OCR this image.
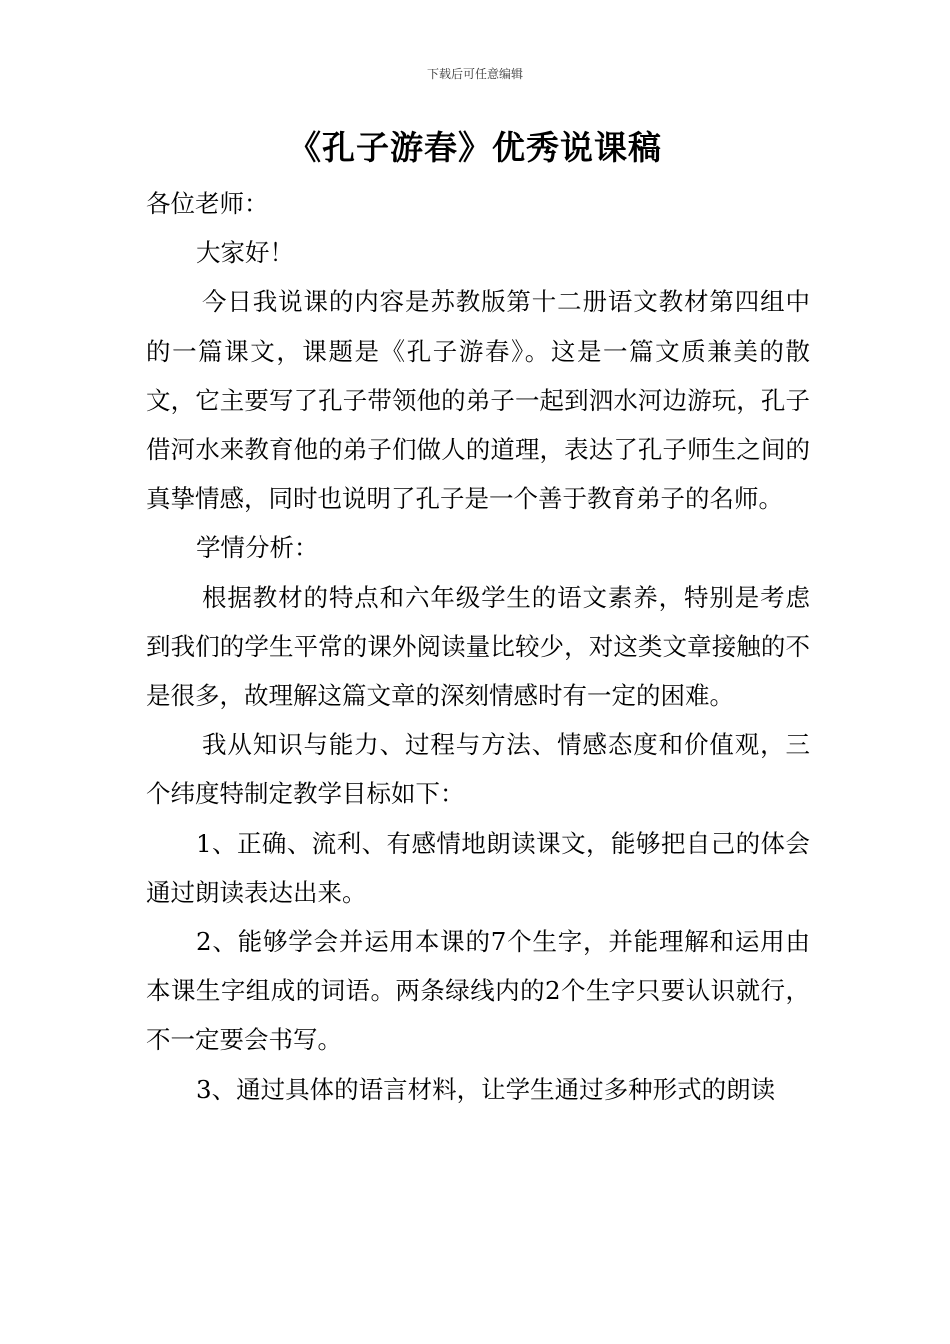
下载后可任意编辑
《孔子游春》优秀说课稿

各位老师：

大家好！

今日我说课的内容是苏教版第十二册语文教材第四组中的一篇课文，课题是《孔子游春》。这是一篇文质兼美的散文，它主要写了孔子带领他的弟子一起到泗水河边游玩，孔子借河水来教育他的弟子们做人的道理，表达了孔子师生之间的真挚情感，同时也说明了孔子是一个善于教育弟子的名师。

学情分析：

根据教材的特点和六年级学生的语文素养，特别是考虑到我们的学生平常的课外阅读量比较少，对这类文章接触的不是很多，故理解这篇文章的深刻情感时有一定的困难。

我从知识与能力、过程与方法、情感态度和价值观，三个纬度特制定教学目标如下：

1、正确、流利、有感情地朗读课文，能够把自己的体会通过朗读表达出来。

2、能够学会并运用本课的7个生字，并能理解和运用由本课生字组成的词语。两条绿线内的2个生字只要认识就行，不一定要会书写。

3、通过具体的语言材料，让学生通过多种形式的朗读
